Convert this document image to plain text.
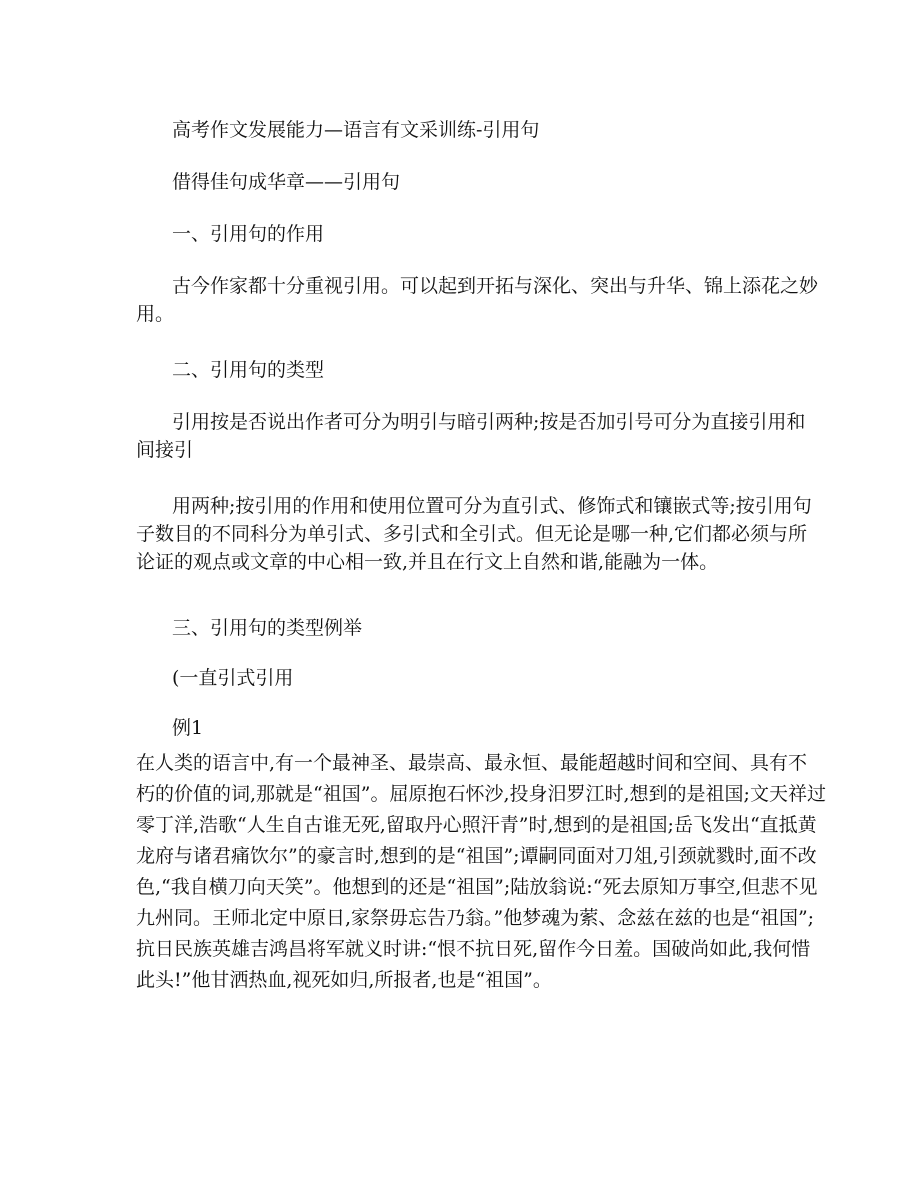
高考作文发展能力—语言有文采训练-引用句
借得佳句成华章——引用句
一、引用句的作用
古今作家都十分重视引用。可以起到开拓与深化、突出与升华、锦上添花之妙
用。
二、引用句的类型
引用按是否说出作者可分为明引与暗引两种;按是否加引号可分为直接引用和
间接引
用两种;按引用的作用和使用位置可分为直引式、修饰式和镶嵌式等;按引用句
子数目的不同科分为单引式、多引式和全引式。但无论是哪一种,它们都必须与所
论证的观点或文章的中心相一致,并且在行文上自然和谐,能融为一体。
三、引用句的类型例举
(一直引式引用
例1
在人类的语言中,有一个最神圣、最崇高、最永恒、最能超越时间和空间、具有不
朽的价值的词,那就是“祖国”。屈原抱石怀沙,投身汨罗江时,想到的是祖国;文天祥过
零丁洋,浩歌“人生自古谁无死,留取丹心照汗青”时,想到的是祖国;岳飞发出“直抵黄
龙府与诸君痛饮尔”的豪言时,想到的是“祖国”;谭嗣同面对刀俎,引颈就戮时,面不改
色,“我自横刀向天笑”。他想到的还是“祖国”;陆放翁说:“死去原知万事空,但悲不见
九州同。王师北定中原日,家祭毋忘告乃翁。”他梦魂为萦、念兹在兹的也是“祖国”;
抗日民族英雄吉鸿昌将军就义时讲:“恨不抗日死,留作今日羞。国破尚如此,我何惜
此头!”他甘洒热血,视死如归,所报者,也是“祖国”。
